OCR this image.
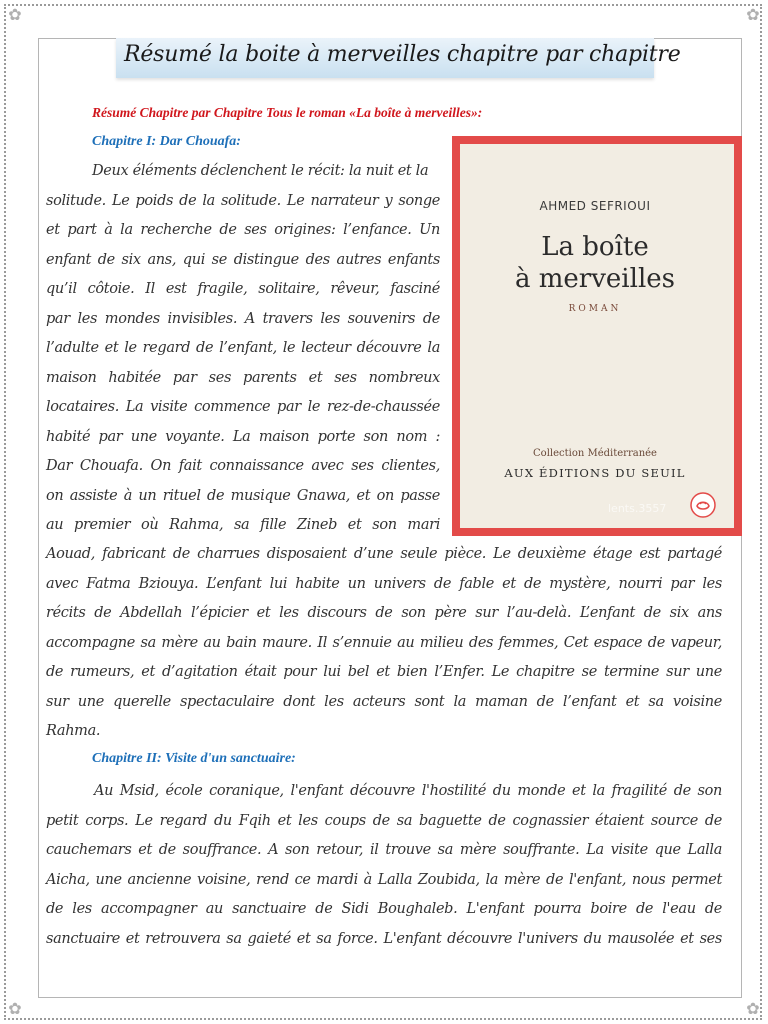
✿	✿
✿	✿
Résumé la boite à merveilles chapitre par chapitre
Résumé Chapitre par Chapitre Tous le roman «La boîte à merveilles»:
Chapitre I: Dar Chouafa:
Deux éléments déclenchent le récit: la nuit et la
solitude. Le poids de la solitude. Le narrateur y songe
et part à la recherche de ses origines: l’enfance. Un
enfant de six ans, qui se distingue des autres enfants
qu’il côtoie. Il est fragile, solitaire, rêveur, fasciné
par les mondes invisibles. A travers les souvenirs de
l’adulte et le regard de l’enfant, le lecteur découvre la
maison habitée par ses parents et ses nombreux
locataires. La visite commence par le rez-de-chaussée
habité par une voyante. La maison porte son nom :
Dar Chouafa. On fait connaissance avec ses clientes,
on assiste à un rituel de musique Gnawa, et on passe
au premier où Rahma, sa fille Zineb et son mari
Aouad, fabricant de charrues disposaient d’une seule pièce. Le deuxième étage est partagé
avec Fatma Bziouya. L’enfant lui habite un univers de fable et de mystère, nourri par les
récits de Abdellah l’épicier et les discours de son père sur l’au-delà. L’enfant de six ans
accompagne sa mère au bain maure. Il s’ennuie au milieu des femmes, Cet espace de vapeur,
de rumeurs, et d’agitation était pour lui bel et bien l’Enfer. Le chapitre se termine sur une
sur une querelle spectaculaire dont les acteurs sont la maman de l’enfant et sa voisine
Rahma.
Chapitre II: Visite d'un sanctuaire:
Au Msid, école coranique, l'enfant découvre l'hostilité du monde et la fragilité de son
petit corps. Le regard du Fqih et les coups de sa baguette de cognassier étaient source de
cauchemars et de souffrance. A son retour, il trouve sa mère souffrante. La visite que Lalla
Aicha, une ancienne voisine, rend ce mardi à Lalla Zoubida, la mère de l'enfant, nous permet
de les accompagner au sanctuaire de Sidi Boughaleb. L'enfant pourra boire de l'eau de
sanctuaire et retrouvera sa gaieté et sa force. L'enfant découvre l'univers du mausolée et ses
AHMED SEFRIOUI
La boîte
à merveilles
ROMAN
Collection Méditerranée
AUX ÉDITIONS DU SEUIL
lents.3557
